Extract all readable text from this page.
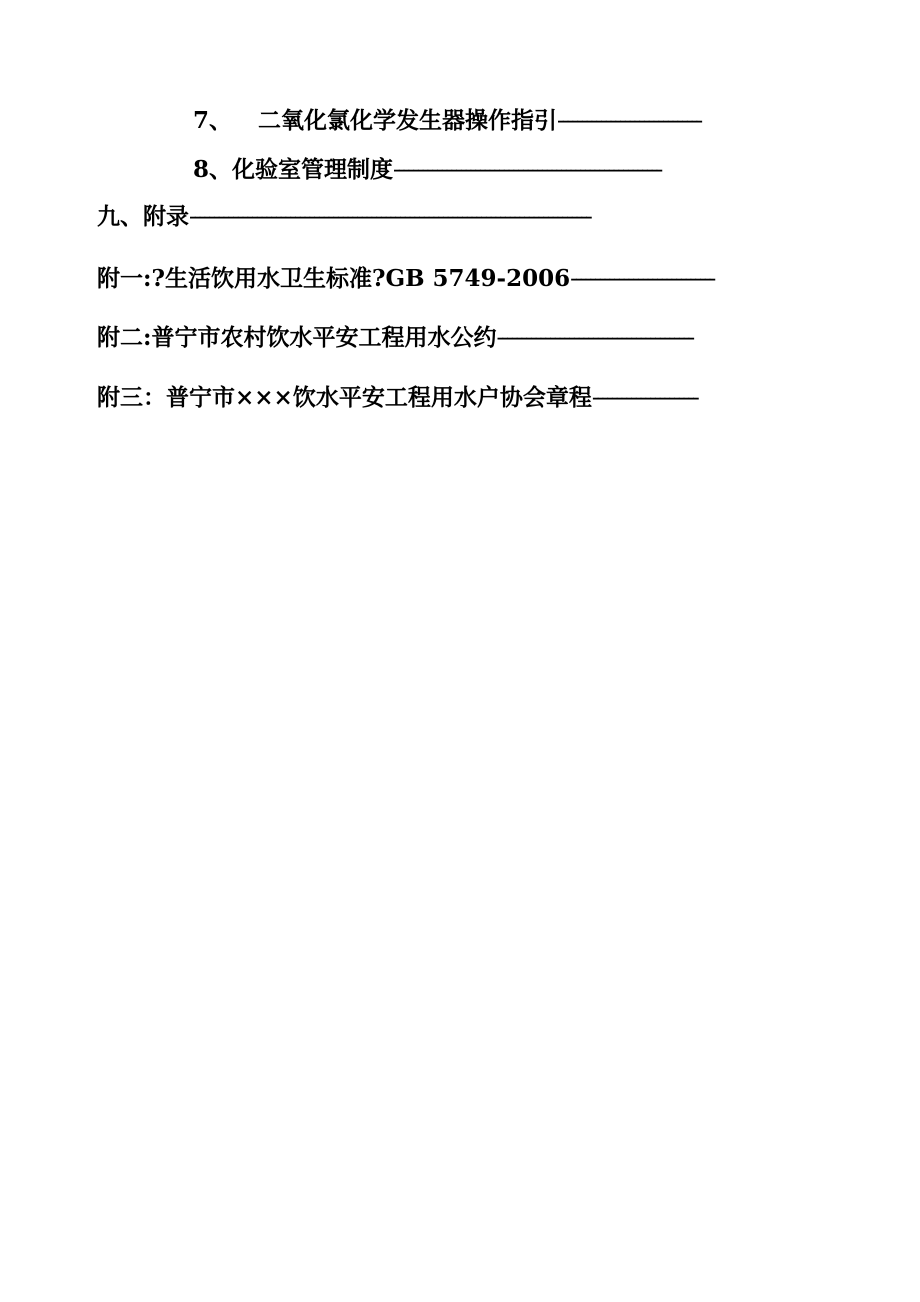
7、 二氧化氯化学发生器操作指引------------------------------
8、化验室管理制度--------------------------------------------------------
九、附录------------------------------------------------------------------------------------
附一:?生活饮用水卫生标准?GB 5749-2006------------------------------
附二:普宁市农村饮水平安工程用水公约-----------------------------------------
附三：普宁市×××饮水平安工程用水户协会章程----------------------
